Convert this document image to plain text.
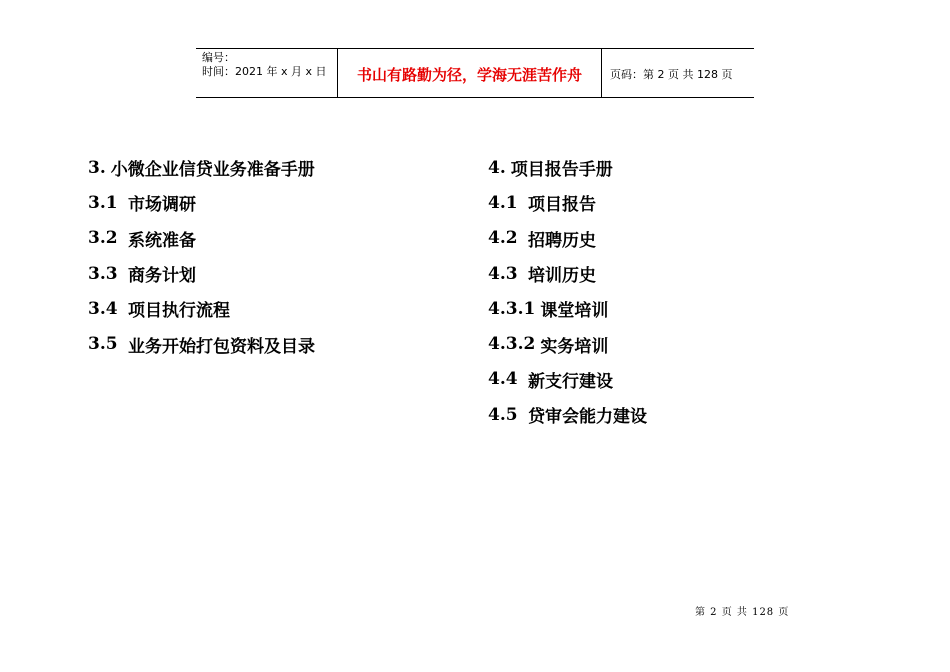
编号：
时间：2021 年 x 月 x 日	书山有路勤为径，学海无涯苦作舟	页码：第 2 页 共 128 页
3. 小微企业信贷业务准备手册
3.1 市场调研
3.2 系统准备
3.3 商务计划
3.4 项目执行流程
3.5 业务开始打包资料及目录
4. 项目报告手册
4.1 项目报告
4.2 招聘历史
4.3 培训历史
4.3.1 课堂培训
4.3.2 实务培训
4.4 新支行建设
4.5 贷审会能力建设
第 2 页 共 128 页
